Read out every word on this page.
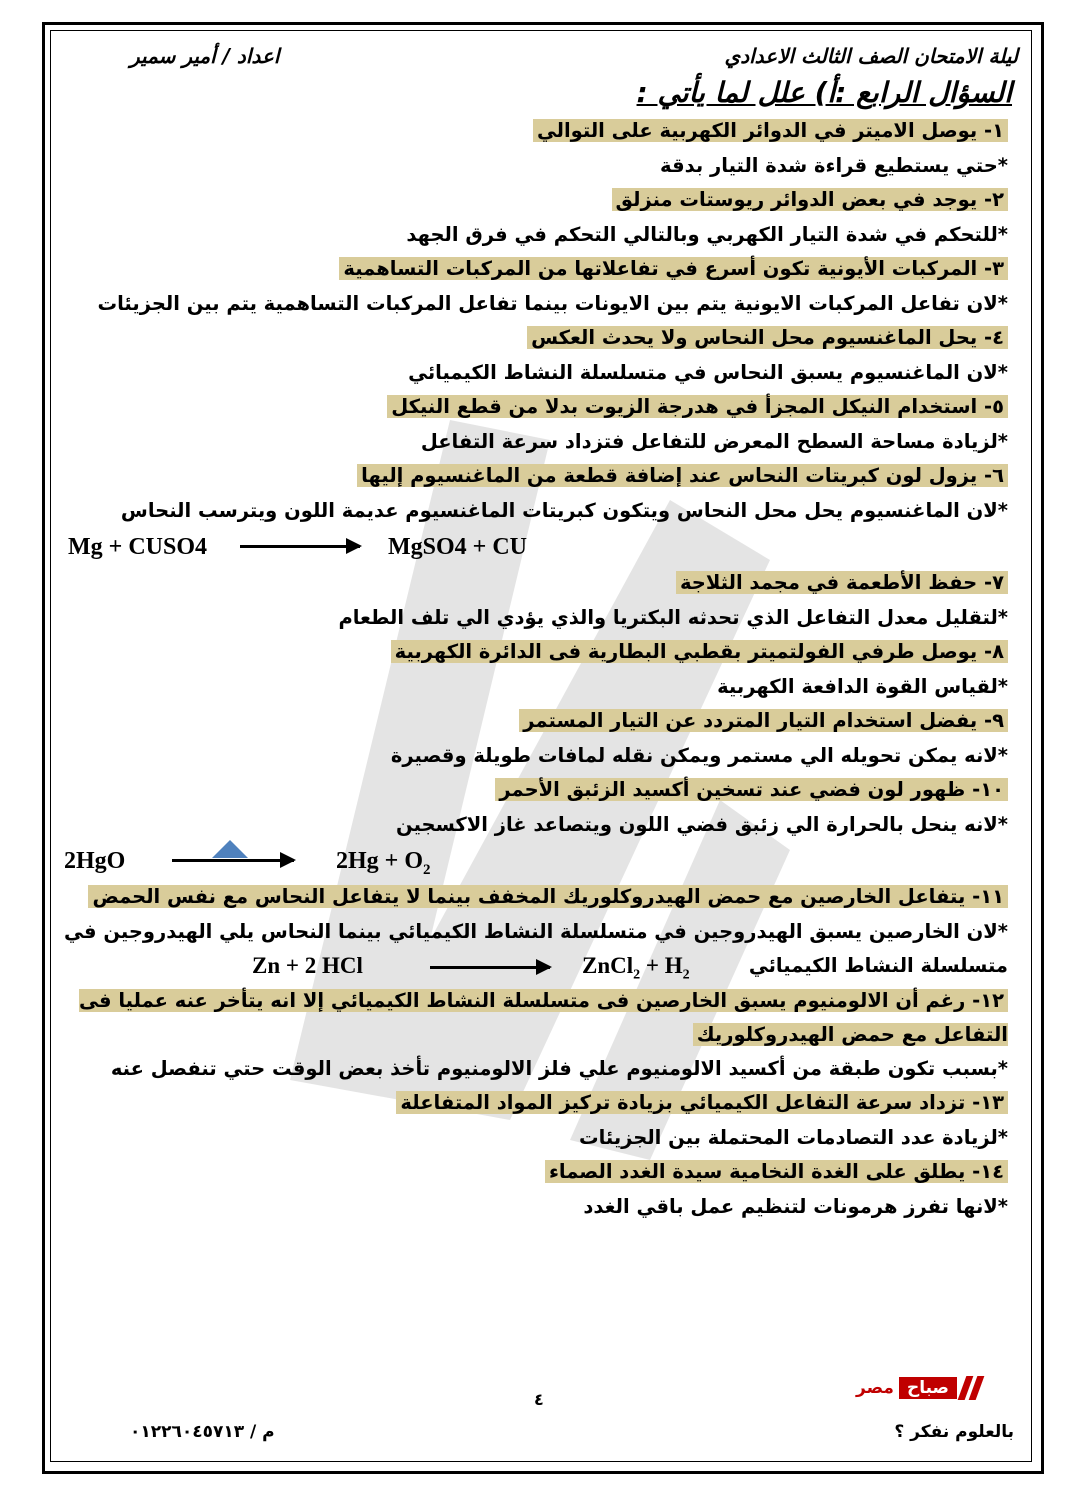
ليلة الامتحان الصف الثالث الاعدادي
اعداد / أمير سمير
السؤال الرابع :أ) علل لما يأتي :
١- يوصل الاميتر في الدوائر الكهربية على التوالي
*حتي يستطيع قراءة شدة التيار بدقة
٢- يوجد في بعض الدوائر ريوستات منزلق
*للتحكم في شدة التيار الكهربي وبالتالي التحكم في فرق الجهد
٣- المركبات الأيونية تكون أسرع في تفاعلاتها من المركبات التساهمية
*لان تفاعل المركبات الايونية يتم بين الايونات بينما تفاعل المركبات التساهمية يتم بين الجزيئات
٤- يحل الماغنسيوم محل النحاس ولا يحدث العكس
*لان الماغنسيوم يسبق النحاس في متسلسلة النشاط الكيميائي
٥- استخدام النيكل المجزأ في هدرجة الزيوت بدلا من قطع النيكل
*لزيادة مساحة السطح المعرض للتفاعل فتزداد سرعة التفاعل
٦- يزول لون كبريتات النحاس عند إضافة قطعة من الماغنسيوم إليها
*لان الماغنسيوم يحل محل النحاس ويتكون كبريتات الماغنسيوم عديمة اللون ويترسب النحاس
Mg + CUSO4	MgSO4 + CU
٧- حفظ الأطعمة في مجمد الثلاجة
*لتقليل معدل التفاعل الذي تحدثه البكتريا والذي يؤدي الي تلف الطعام
٨- يوصل طرفي الفولتميتر بقطبي البطارية فى الدائرة الكهربية
*لقياس القوة الدافعة الكهربية
٩- يفضل استخدام التيار المتردد عن التيار المستمر
*لانه يمكن تحويله الي مستمر ويمكن نقله لمافات طويلة وقصيرة
١٠- ظهور لون فضي عند تسخين أكسيد الزئبق الأحمر
*لانه ينحل بالحرارة الي زئبق فضي اللون ويتصاعد غاز الاكسجين
2HgO	$2Hg + O_2$
١١- يتفاعل الخارصين مع حمض الهيدروكلوريك المخفف بينما لا يتفاعل النحاس مع نفس الحمض
*لان الخارصين يسبق الهيدروجين في متسلسلة النشاط الكيميائي بينما النحاس يلي الهيدروجين في
متسلسلة النشاط الكيميائي
Zn + 2 HCl	ZnCl$_2$ + $H_2$
١٢- رغم أن الالومنيوم يسبق الخارصين فى متسلسلة النشاط الكيميائي إلا انه يتأخر عنه عمليا فى التفاعل مع حمض الهيدروكلوريك
*بسبب تكون طبقة من أكسيد الالومنيوم علي فلز الالومنيوم تأخذ بعض الوقت حتي تنفصل عنه
١٣- تزداد سرعة التفاعل الكيميائي بزيادة تركيز المواد المتفاعلة
*لزيادة عدد التصادمات المحتملة بين الجزيئات
١٤- يطلق على الغدة النخامية سيدة الغدد الصماء
*لانها تفرز هرمونات لتنظيم عمل باقي الغدد
٤
مصر صباح
بالعلوم نفكر ؟
م / ٠١٢٢٦٠٤٥٧١٣
